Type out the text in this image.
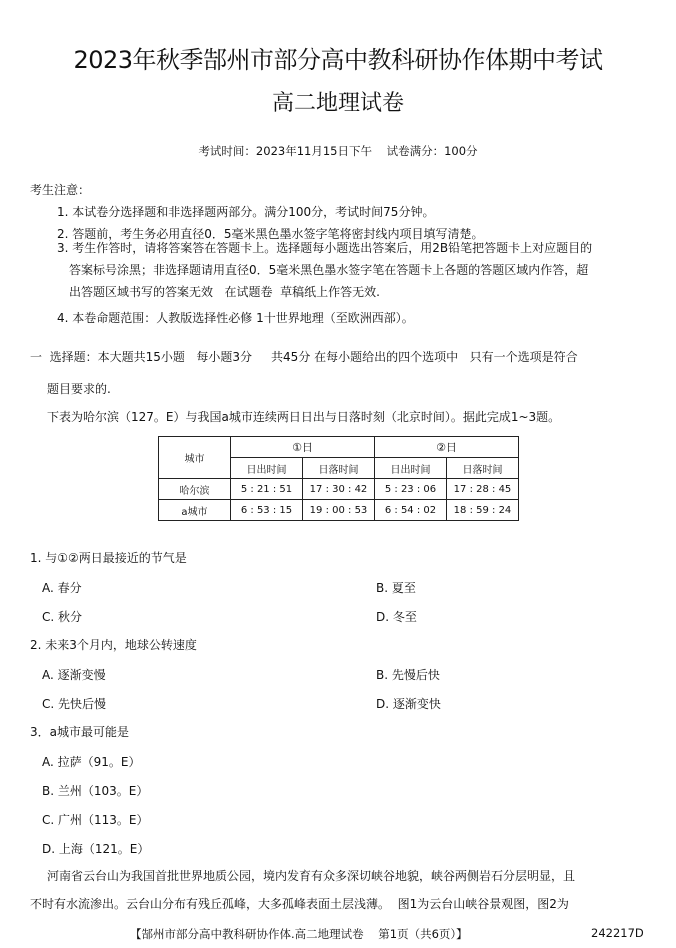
2023年秋季郜州市部分高中教科研协作体期中考试
高二地理试卷
考试时间：2023年11月15日下午    试卷满分：100分
考生注意：
1. 本试卷分选择题和非选择题两部分。满分100分，考试时间75分钟。
2. 答题前，考生务必用直径0．5毫米黑色墨水签字笔将密封线内项目填写清楚。
3. 考生作答时，请将答案答在答题卡上。选择题每小题选出答案后，用2B铅笔把答题卡上对应题目的
答案标号涂黑；非选择题请用直径0．5毫米黑色墨水签字笔在答题卡上各题的答题区域内作答，超
出答题区域书写的答案无效   在试题卷  草稿纸上作答无效.
4. 本卷命题范围：人教版选择性必修 1十世界地理（至欧洲西部）。
一  选择题：本大题共15小题   每小题3分     共45分 在每小题给出的四个选项中   只有一个选项是符合
题目要求的.
下表为哈尔滨（127。E）与我国a城市连续两日日出与日落时刻（北京时间）。据此完成1~3题。
城市	①日		②日	
	日出时间	日落时间	日出时间	日落时间
哈尔滨	5 : 21 : 51	17 : 30 : 42	5 : 23 : 06	17 : 28 : 45
a城市	6 : 53 : 15	19 : 00 : 53	6 : 54 : 02	18 : 59 : 24
1. 与①②两日最接近的节气是
A. 春分	B. 夏至
C. 秋分	D. 冬至
2. 未来3个月内，地球公转速度
A. 逐渐变慢	B. 先慢后快
C. 先快后慢	D. 逐渐变快
3．a城市最可能是
A. 拉萨（91。E）
B. 兰州（103。E）
C. 广州（113。E）
D. 上海（121。E）
河南省云台山为我国首批世界地质公园，境内发育有众多深切峡谷地貌，峡谷两侧岩石分层明显，且
不时有水流渗出。云台山分布有残丘孤峰，大多孤峰表面土层浅薄。  图1为云台山峡谷景观图，图2为
【郜州市部分高中教科研协作体.高二地理试卷    第1页（共6页）】	242217D
